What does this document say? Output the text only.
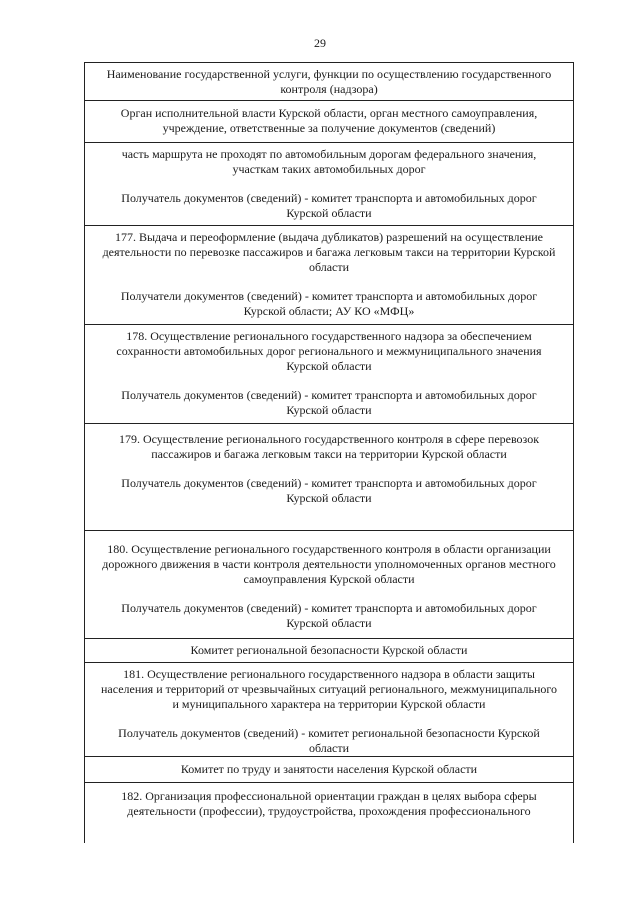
29

Наименование государственной услуги, функции по осуществлению государственного контроля (надзора)

Орган исполнительной власти Курской области, орган местного самоуправления, учреждение, ответственные за получение документов (сведений)

часть маршрута не проходят по автомобильным дорогам федерального значения, участкам таких автомобильных дорог

Получатель документов (сведений) - комитет транспорта и автомобильных дорог Курской области

177. Выдача и переоформление (выдача дубликатов) разрешений на осуществление деятельности по перевозке пассажиров и багажа легковым такси на территории Курской области

Получатели документов (сведений) - комитет транспорта и автомобильных дорог Курской области; АУ КО «МФЦ»

178. Осуществление регионального государственного надзора за обеспечением сохранности автомобильных дорог регионального и межмуниципального значения Курской области

Получатель документов (сведений) - комитет транспорта и автомобильных дорог Курской области

179. Осуществление регионального государственного контроля в сфере перевозок пассажиров и багажа легковым такси на территории Курской области

Получатель документов (сведений) - комитет транспорта и автомобильных дорог Курской области

180. Осуществление регионального государственного контроля в области организации дорожного движения в части контроля деятельности уполномоченных органов местного самоуправления Курской области

Получатель документов (сведений) - комитет транспорта и автомобильных дорог Курской области

Комитет региональной безопасности Курской области

181. Осуществление регионального государственного надзора в области защиты населения и территорий от чрезвычайных ситуаций регионального, межмуниципального и муниципального характера на территории Курской области

Получатель документов (сведений) - комитет региональной безопасности Курской области

Комитет по труду и занятости населения Курской области

182. Организация профессиональной ориентации граждан в целях выбора сферы деятельности (профессии), трудоустройства, прохождения профессионального
